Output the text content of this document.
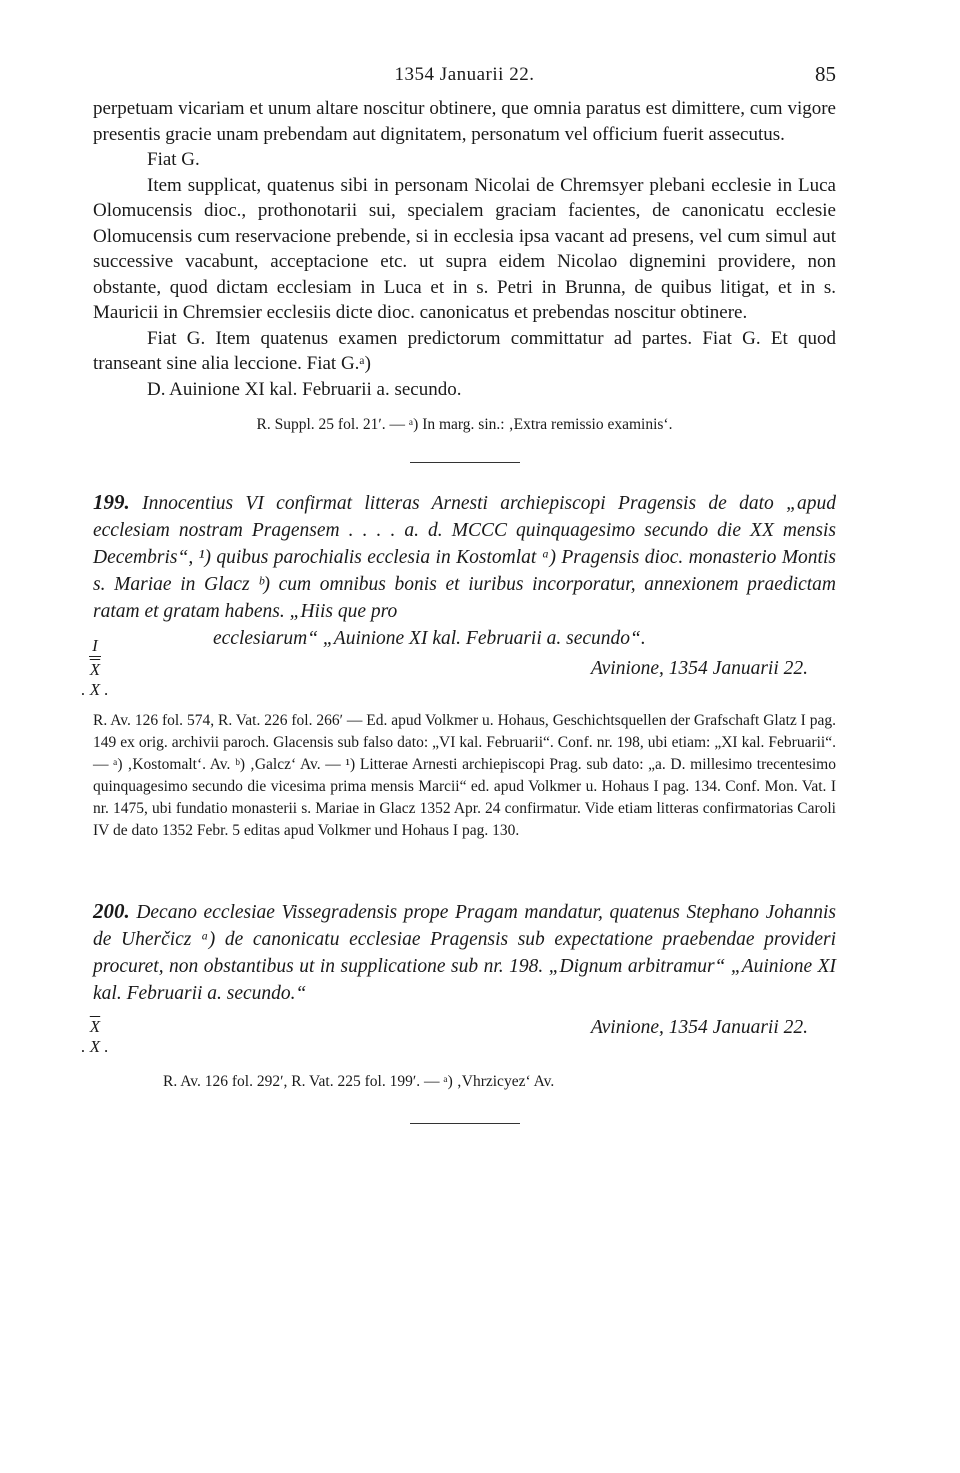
1354 Januarii 22.	85

perpetuam vicariam et unum altare noscitur obtinere, que omnia paratus est dimittere, cum vigore presentis gracie unam prebendam aut dignitatem, personatum vel officium fuerit assecutus.

Fiat G.

Item supplicat, quatenus sibi in personam Nicolai de Chremsyer plebani ecclesie in Luca Olomucensis dioc., prothonotarii sui, specialem graciam facientes, de canonicatu ecclesie Olomucensis cum reservacione prebende, si in ecclesia ipsa vacant ad presens, vel cum simul aut successive vacabunt, acceptacione etc. ut supra eidem Nicolao dignemini providere, non obstante, quod dictam ecclesiam in Luca et in s. Petri in Brunna, de quibus litigat, et in s. Mauricii in Chremsier ecclesiis dicte dioc. canonicatus et prebendas noscitur obtinere.

Fiat G. Item quatenus examen predictorum committatur ad partes. Fiat G. Et quod transeant sine alia leccione. Fiat G.ᵃ)

D. Auinione XI kal. Februarii a. secundo.

R. Suppl. 25 fol. 21ʹ. — ᵃ) In marg. sin.: ‚Extra remissio examinis‘.
199. Innocentius VI confirmat litteras Arnesti archiepiscopi Pragensis de dato „apud ecclesiam nostram Pragensem . . . . a. d. MCCC quinquagesimo secundo die XX mensis Decembris“, ¹) quibus parochialis ecclesia in Kostomlat ᵃ) Pragensis dioc. monasterio Montis s. Mariae in Glacz ᵇ) cum omnibus bonis et iuribus incorporatur, annexionem praedictam ratam et gratam habens. „Hiis que pro
ecclesiarum“ „Auinione XI kal. Februarii a. secundo“.
I
$\overline{X}$
. X .
Avinione, 1354 Januarii 22.

R. Av. 126 fol. 574, R. Vat. 226 fol. 266ʹ — Ed. apud Volkmer u. Hohaus, Geschichtsquellen der Grafschaft Glatz I pag. 149 ex orig. archivii paroch. Glacensis sub falso dato: „VI kal. Februarii“. Conf. nr. 198, ubi etiam: „XI kal. Februarii“. — ᵃ) ‚Kostomalt‘. Av. ᵇ) ‚Galcz‘ Av. — ¹) Litterae Arnesti archiepiscopi Prag. sub dato: „a. D. millesimo trecentesimo quinquagesimo secundo die vicesima prima mensis Marcii“ ed. apud Volkmer u. Hohaus I pag. 134. Conf. Mon. Vat. I nr. 1475, ubi fundatio monasterii s. Mariae in Glacz 1352 Apr. 24 confirmatur. Vide etiam litteras confirmatorias Caroli IV de dato 1352 Febr. 5 editas apud Volkmer und Hohaus I pag. 130.

200. Decano ecclesiae Vissegradensis prope Pragam mandatur, quatenus Stephano Johannis de Uherčicz ᵃ) de canonicatu ecclesiae Pragensis sub expectatione praebendae provideri procuret, non obstantibus ut in supplicatione sub nr. 198. „Dignum arbitramur“ „Auinione XI kal. Februarii a. secundo.“
$\overline{X}$
. X .
Avinione, 1354 Januarii 22.

R. Av. 126 fol. 292ʹ, R. Vat. 225 fol. 199ʹ. — ᵃ) ‚Vhrzicyez‘ Av.
